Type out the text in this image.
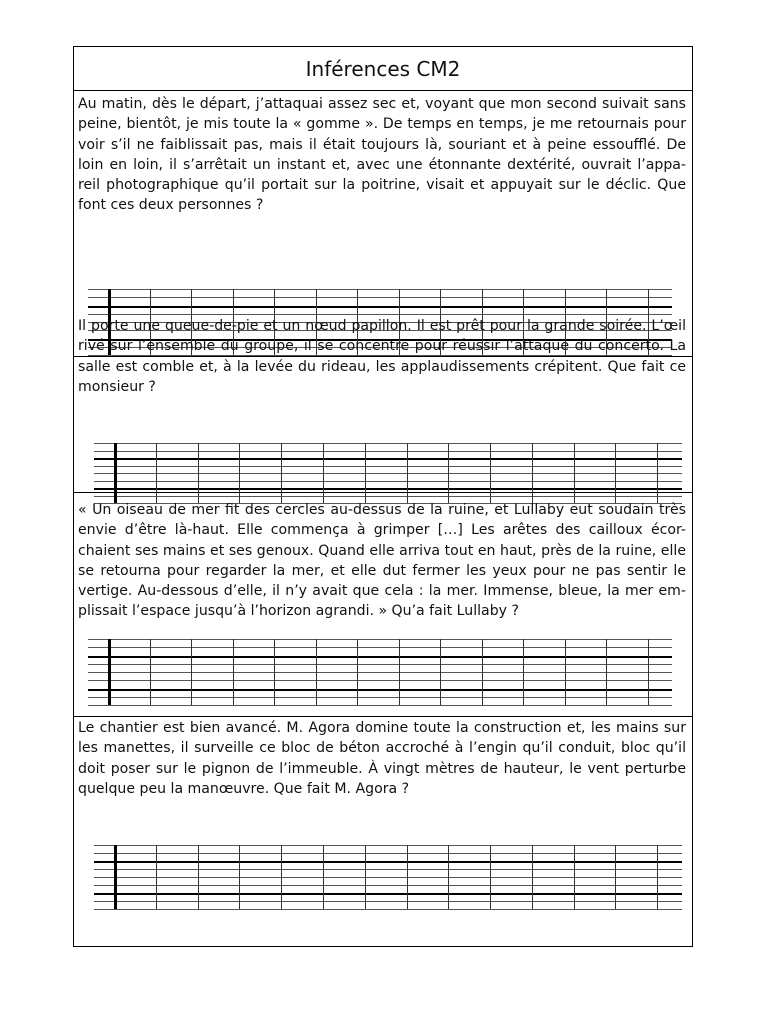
Inférences CM2
Au matin, dès le départ, j’attaquai assez sec et, voyant que mon second suivait sans peine, bientôt, je mis toute la « gomme ». De temps en temps, je me retournais pour voir s’il ne faiblissait pas, mais il était toujours là, souriant et à peine essoufflé. De loin en loin, il s’arrêtait un instant et, avec une étonnante dextérité, ouvrait l’appa-reil photographique qu’il portait sur la poitrine, visait et appuyait sur le déclic. Que font ces deux personnes ?
Il porte une queue-de-pie et un nœud papillon. Il est prêt pour la grande soirée. L’œil rivé sur l’ensemble du groupe, il se concentre pour réussir l’attaque du concerto. La salle est comble et, à la levée du rideau, les applaudissements crépitent. Que fait ce monsieur ?
« Un oiseau de mer fit des cercles au-dessus de la ruine, et Lullaby eut soudain très envie d’être là-haut. Elle commença à grimper […] Les arêtes des cailloux écor-chaient ses mains et ses genoux. Quand elle arriva tout en haut, près de la ruine, elle se retourna pour regarder la mer, et elle dut fermer les yeux pour ne pas sentir le vertige. Au-dessous d’elle, il n’y avait que cela : la mer. Immense, bleue, la mer em-plissait l’espace jusqu’à l’horizon agrandi. » Qu’a fait Lullaby ?
Le chantier est bien avancé. M. Agora domine toute la construction et, les mains sur les manettes, il surveille ce bloc de béton accroché à l’engin qu’il conduit, bloc qu’il doit poser sur le pignon de l’immeuble. À vingt mètres de hauteur, le vent perturbe quelque peu la manœuvre. Que fait M. Agora ?
